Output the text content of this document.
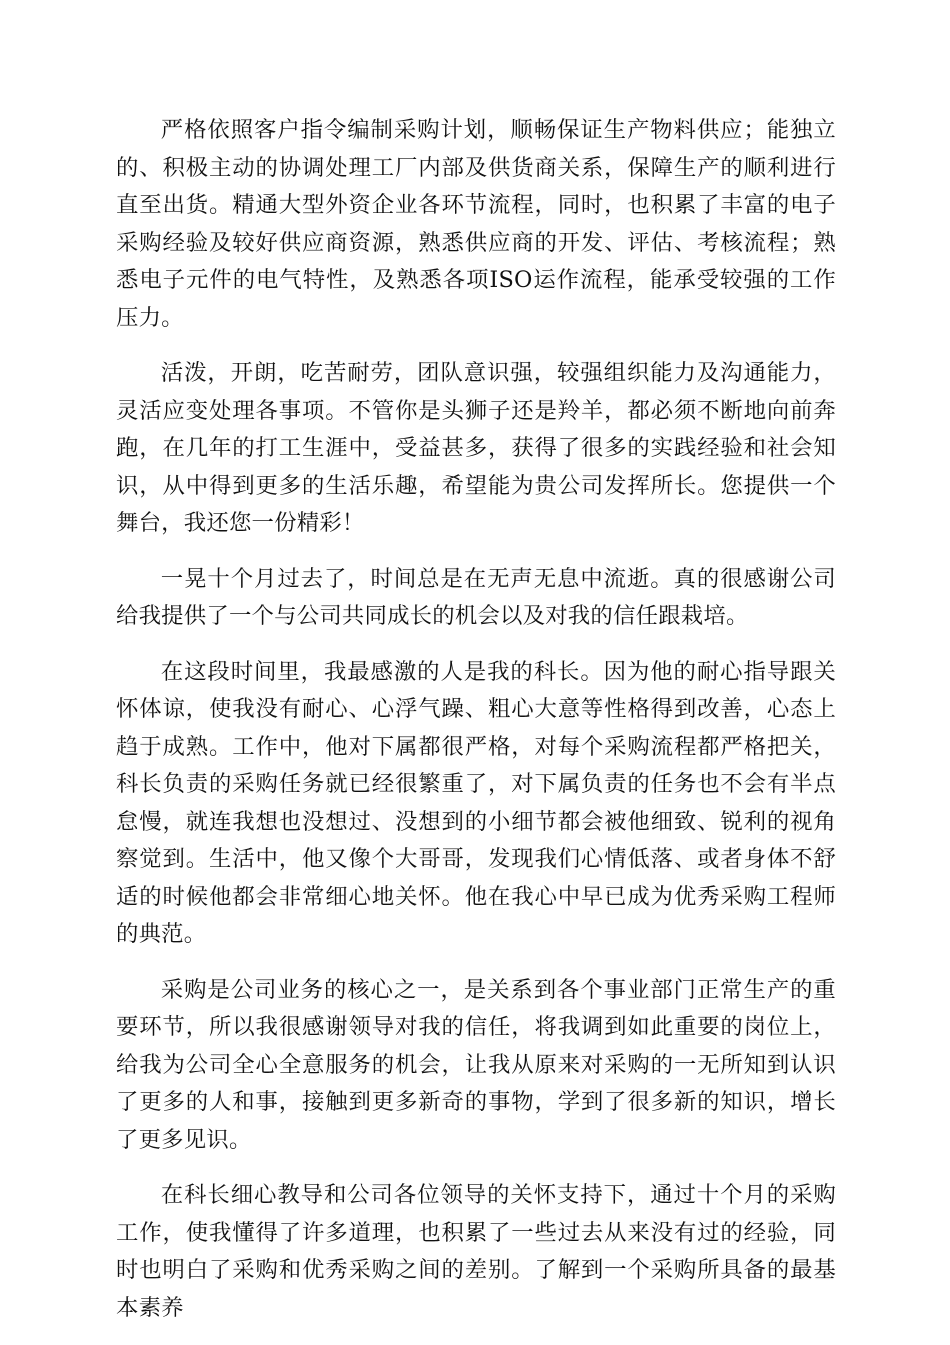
严格依照客户指令编制采购计划，顺畅保证生产物料供应；能独立的、积极主动的协调处理工厂内部及供货商关系，保障生产的顺利进行直至出货。精通大型外资企业各环节流程，同时，也积累了丰富的电子采购经验及较好供应商资源，熟悉供应商的开发、评估、考核流程；熟悉电子元件的电气特性，及熟悉各项ISO运作流程，能承受较强的工作压力。

活泼，开朗，吃苦耐劳，团队意识强，较强组织能力及沟通能力，灵活应变处理各事项。不管你是头狮子还是羚羊，都必须不断地向前奔跑，在几年的打工生涯中，受益甚多，获得了很多的实践经验和社会知识，从中得到更多的生活乐趣，希望能为贵公司发挥所长。您提供一个舞台，我还您一份精彩！

一晃十个月过去了，时间总是在无声无息中流逝。真的很感谢公司给我提供了一个与公司共同成长的机会以及对我的信任跟栽培。

在这段时间里，我最感激的人是我的科长。因为他的耐心指导跟关怀体谅，使我没有耐心、心浮气躁、粗心大意等性格得到改善，心态上趋于成熟。工作中，他对下属都很严格，对每个采购流程都严格把关，科长负责的采购任务就已经很繁重了，对下属负责的任务也不会有半点怠慢，就连我想也没想过、没想到的小细节都会被他细致、锐利的视角察觉到。生活中，他又像个大哥哥，发现我们心情低落、或者身体不舒适的时候他都会非常细心地关怀。他在我心中早已成为优秀采购工程师的典范。

采购是公司业务的核心之一，是关系到各个事业部门正常生产的重要环节，所以我很感谢领导对我的信任，将我调到如此重要的岗位上，给我为公司全心全意服务的机会，让我从原来对采购的一无所知到认识了更多的人和事，接触到更多新奇的事物，学到了很多新的知识，增长了更多见识。

在科长细心教导和公司各位领导的关怀支持下，通过十个月的采购工作，使我懂得了许多道理，也积累了一些过去从来没有过的经验，同时也明白了采购和优秀采购之间的差别。了解到一个采购所具备的最基本素养
